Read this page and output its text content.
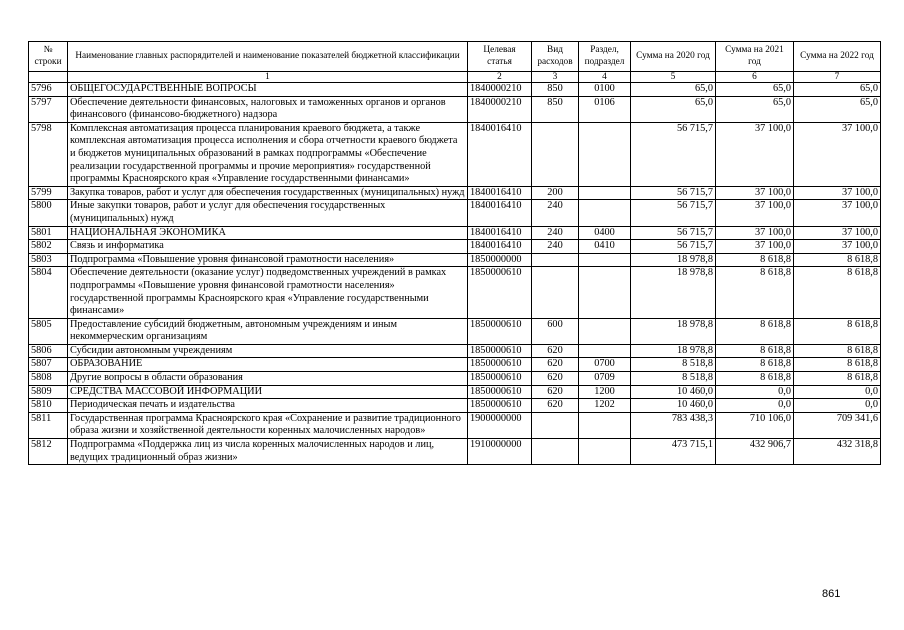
№ строки	Наименование главных распорядителей и наименование показателей бюджетной классификации	Целевая статья	Вид расходов	Раздел, подраздел	Сумма на 2020 год	Сумма на 2021 год	Сумма на 2022 год
	1	2	3	4	5	6	7
5796	ОБЩЕГОСУДАРСТВЕННЫЕ ВОПРОСЫ	1840000210	850	0100	65,0	65,0	65,0
5797	Обеспечение деятельности финансовых, налоговых и таможенных органов и органов финансового (финансово-бюджетного) надзора	1840000210	850	0106	65,0	65,0	65,0
5798	Комплексная автоматизация процесса планирования краевого бюджета, а также комплексная автоматизация процесса исполнения и сбора отчетности краевого бюджета и бюджетов муниципальных образований в рамках подпрограммы «Обеспечение реализации государственной программы и прочие мероприятия» государственной программы Красноярского края «Управление государственными финансами»	1840016410			56 715,7	37 100,0	37 100,0
5799	Закупка товаров, работ и услуг для обеспечения государственных (муниципальных) нужд	1840016410	200		56 715,7	37 100,0	37 100,0
5800	Иные закупки товаров, работ и услуг для обеспечения государственных (муниципальных) нужд	1840016410	240		56 715,7	37 100,0	37 100,0
5801	НАЦИОНАЛЬНАЯ ЭКОНОМИКА	1840016410	240	0400	56 715,7	37 100,0	37 100,0
5802	Связь и информатика	1840016410	240	0410	56 715,7	37 100,0	37 100,0
5803	Подпрограмма «Повышение уровня финансовой грамотности населения»	1850000000			18 978,8	8 618,8	8 618,8
5804	Обеспечение деятельности (оказание услуг) подведомственных учреждений в рамках подпрограммы «Повышение уровня финансовой грамотности населения» государственной программы Красноярского края «Управление государственными финансами»	1850000610			18 978,8	8 618,8	8 618,8
5805	Предоставление субсидий бюджетным, автономным учреждениям и иным некоммерческим организациям	1850000610	600		18 978,8	8 618,8	8 618,8
5806	Субсидии автономным учреждениям	1850000610	620		18 978,8	8 618,8	8 618,8
5807	ОБРАЗОВАНИЕ	1850000610	620	0700	8 518,8	8 618,8	8 618,8
5808	Другие вопросы в области образования	1850000610	620	0709	8 518,8	8 618,8	8 618,8
5809	СРЕДСТВА МАССОВОЙ ИНФОРМАЦИИ	1850000610	620	1200	10 460,0	0,0	0,0
5810	Периодическая печать и издательства	1850000610	620	1202	10 460,0	0,0	0,0
5811	Государственная программа Красноярского края «Сохранение и развитие традиционного образа жизни и хозяйственной деятельности коренных малочисленных народов»	1900000000			783 438,3	710 106,0	709 341,6
5812	Подпрограмма «Поддержка лиц из числа коренных малочисленных народов и лиц, ведущих традиционный образ жизни»	1910000000			473 715,1	432 906,7	432 318,8
861
